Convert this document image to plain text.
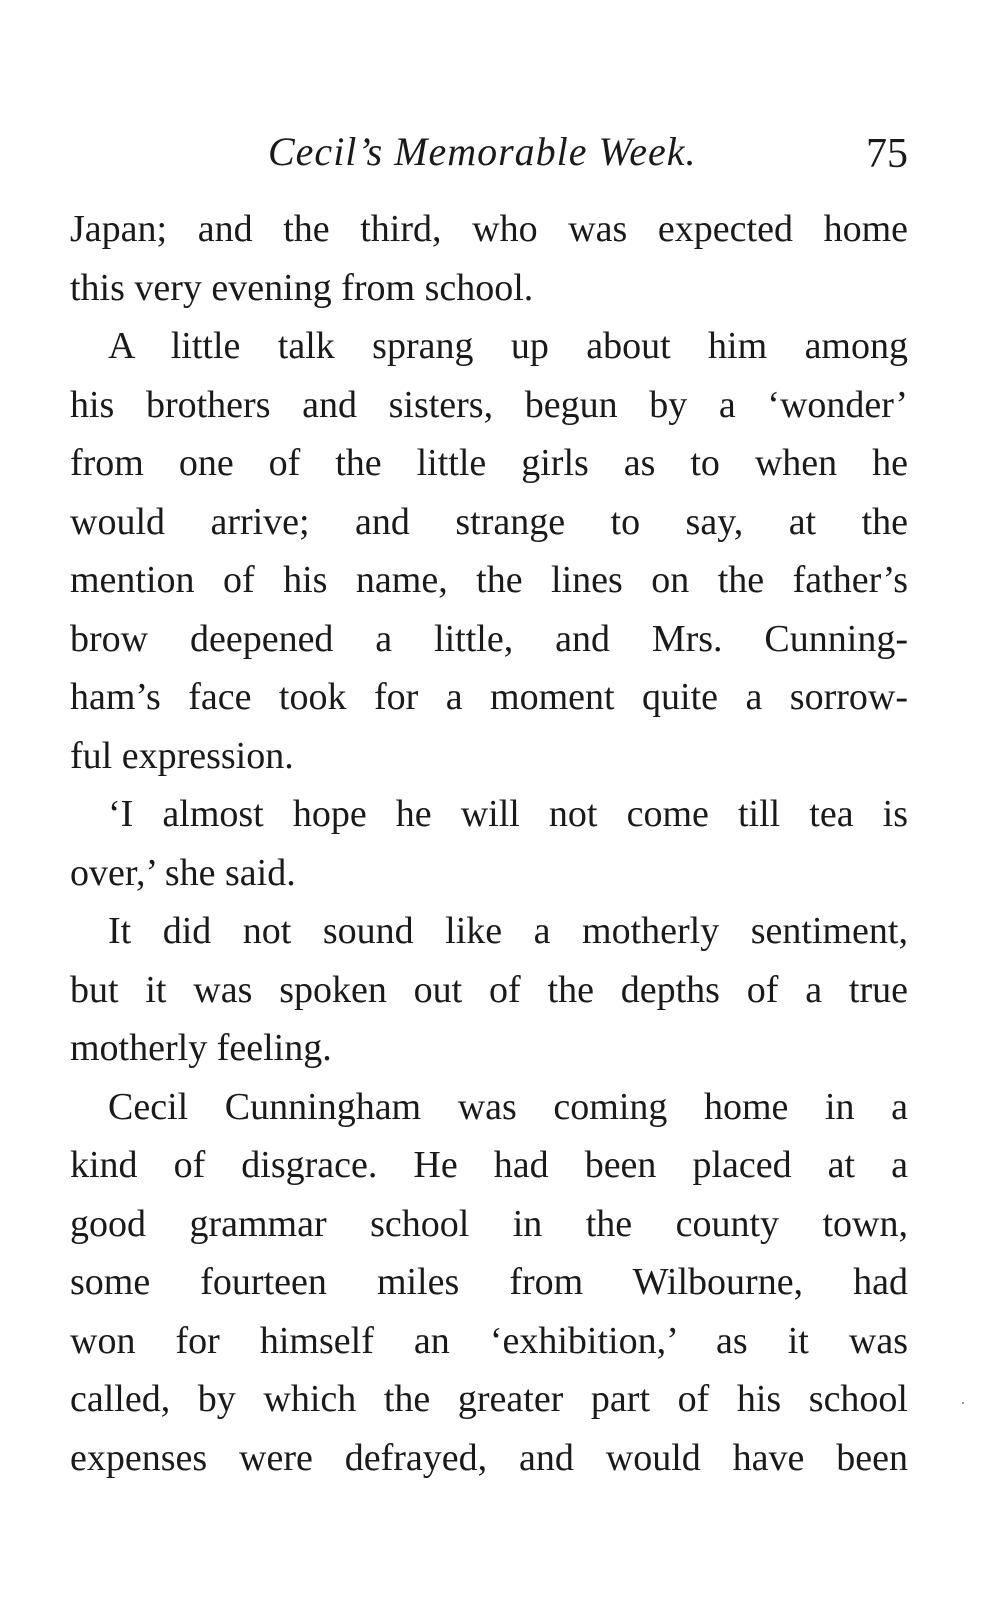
Cecil’s Memorable Week.	75
Japan; and the third, who was expected home
this very evening from school.
A little talk sprang up about him among
his brothers and sisters, begun by a ‘wonder’
from one of the little girls as to when he
would arrive; and strange to say, at the
mention of his name, the lines on the father’s
brow deepened a little, and Mrs. Cunning-
ham’s face took for a moment quite a sorrow-
ful expression.
‘I almost hope he will not come till tea is
over,’ she said.
It did not sound like a motherly sentiment,
but it was spoken out of the depths of a true
motherly feeling.
Cecil Cunningham was coming home in a
kind of disgrace. He had been placed at a
good grammar school in the county town,
some fourteen miles from Wilbourne, had
won for himself an ‘exhibition,’ as it was
called, by which the greater part of his school
expenses were defrayed, and would have been
